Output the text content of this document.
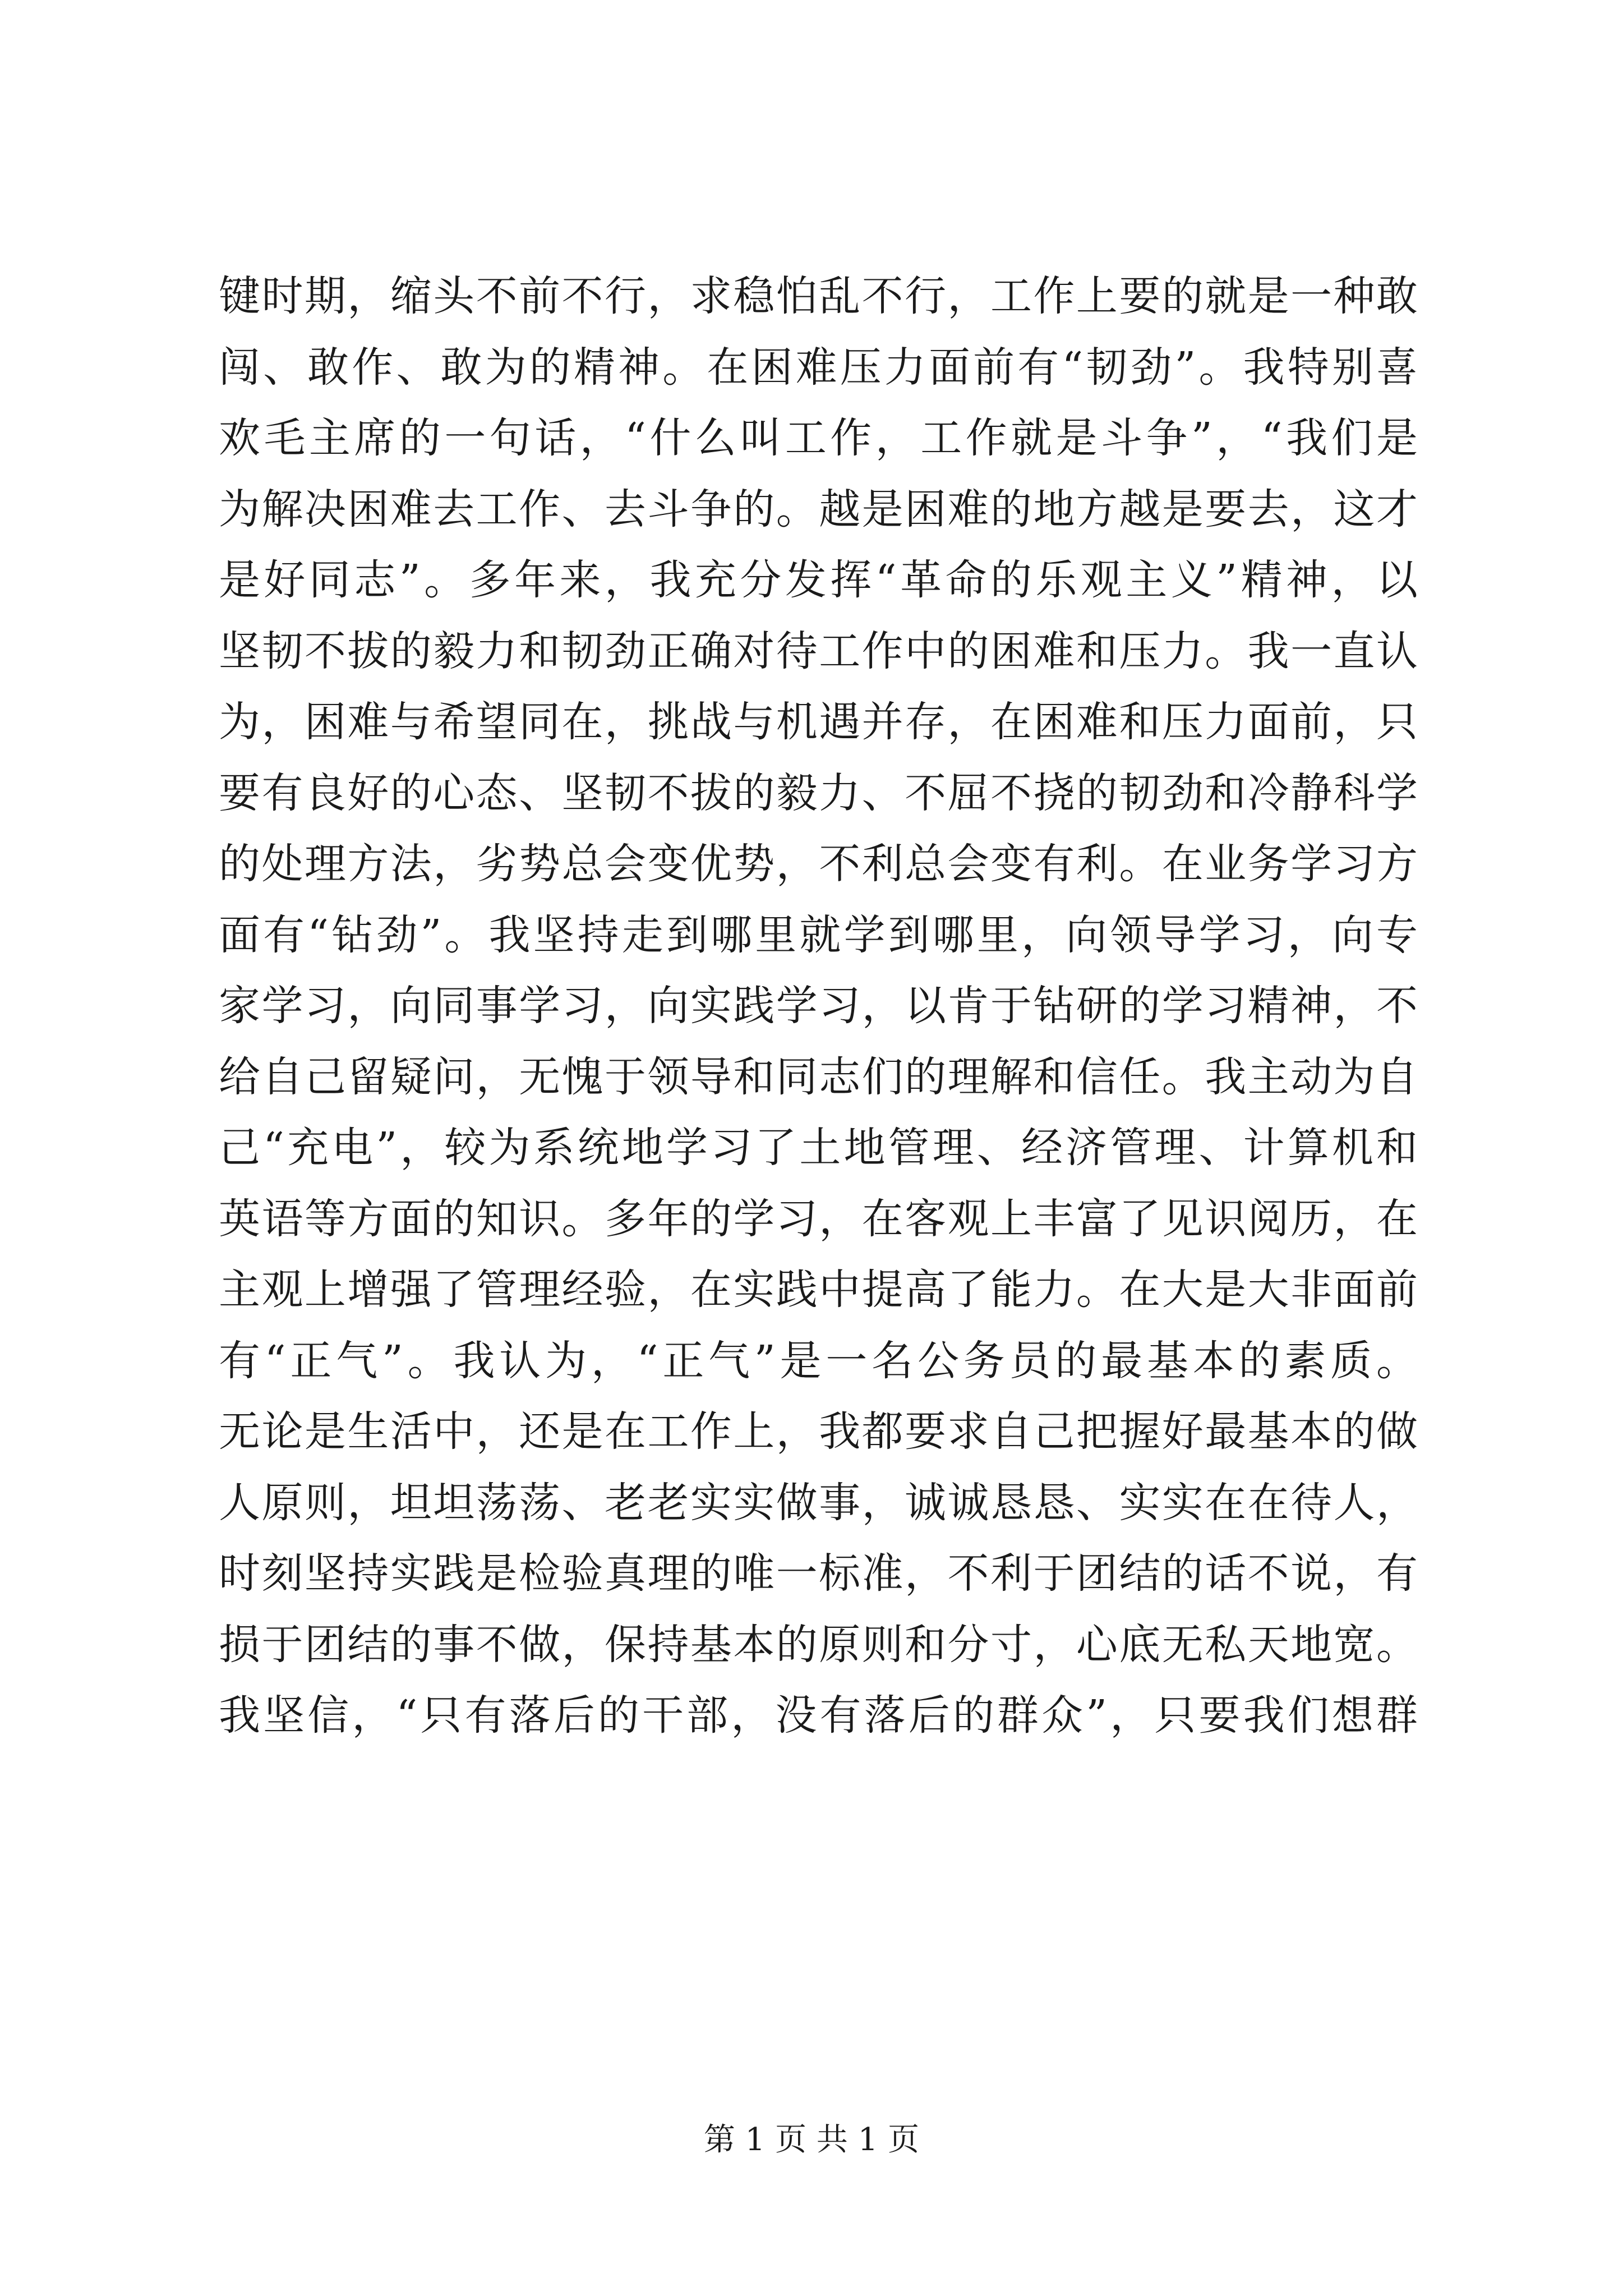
键时期，缩头不前不行，求稳怕乱不行，工作上要的就是一种敢
闯、敢作、敢为的精神。在困难压力面前有“韧劲”。我特别喜
欢毛主席的一句话，“什么叫工作，工作就是斗争”，“我们是
为解决困难去工作、去斗争的。越是困难的地方越是要去，这才
是好同志”。多年来，我充分发挥“革命的乐观主义”精神，以
坚韧不拔的毅力和韧劲正确对待工作中的困难和压力。我一直认
为，困难与希望同在，挑战与机遇并存，在困难和压力面前，只
要有良好的心态、坚韧不拔的毅力、不屈不挠的韧劲和冷静科学
的处理方法，劣势总会变优势，不利总会变有利。在业务学习方
面有“钻劲”。我坚持走到哪里就学到哪里，向领导学习，向专
家学习，向同事学习，向实践学习，以肯于钻研的学习精神，不
给自己留疑问，无愧于领导和同志们的理解和信任。我主动为自
己“充电”，较为系统地学习了土地管理、经济管理、计算机和
英语等方面的知识。多年的学习，在客观上丰富了见识阅历，在
主观上增强了管理经验，在实践中提高了能力。在大是大非面前
有“正气”。我认为，“正气”是一名公务员的最基本的素质。
无论是生活中，还是在工作上，我都要求自己把握好最基本的做
人原则，坦坦荡荡、老老实实做事，诚诚恳恳、实实在在待人，
时刻坚持实践是检验真理的唯一标准，不利于团结的话不说，有
损于团结的事不做，保持基本的原则和分寸，心底无私天地宽。
我坚信，“只有落后的干部，没有落后的群众”，只要我们想群
第 1 页 共 1 页
